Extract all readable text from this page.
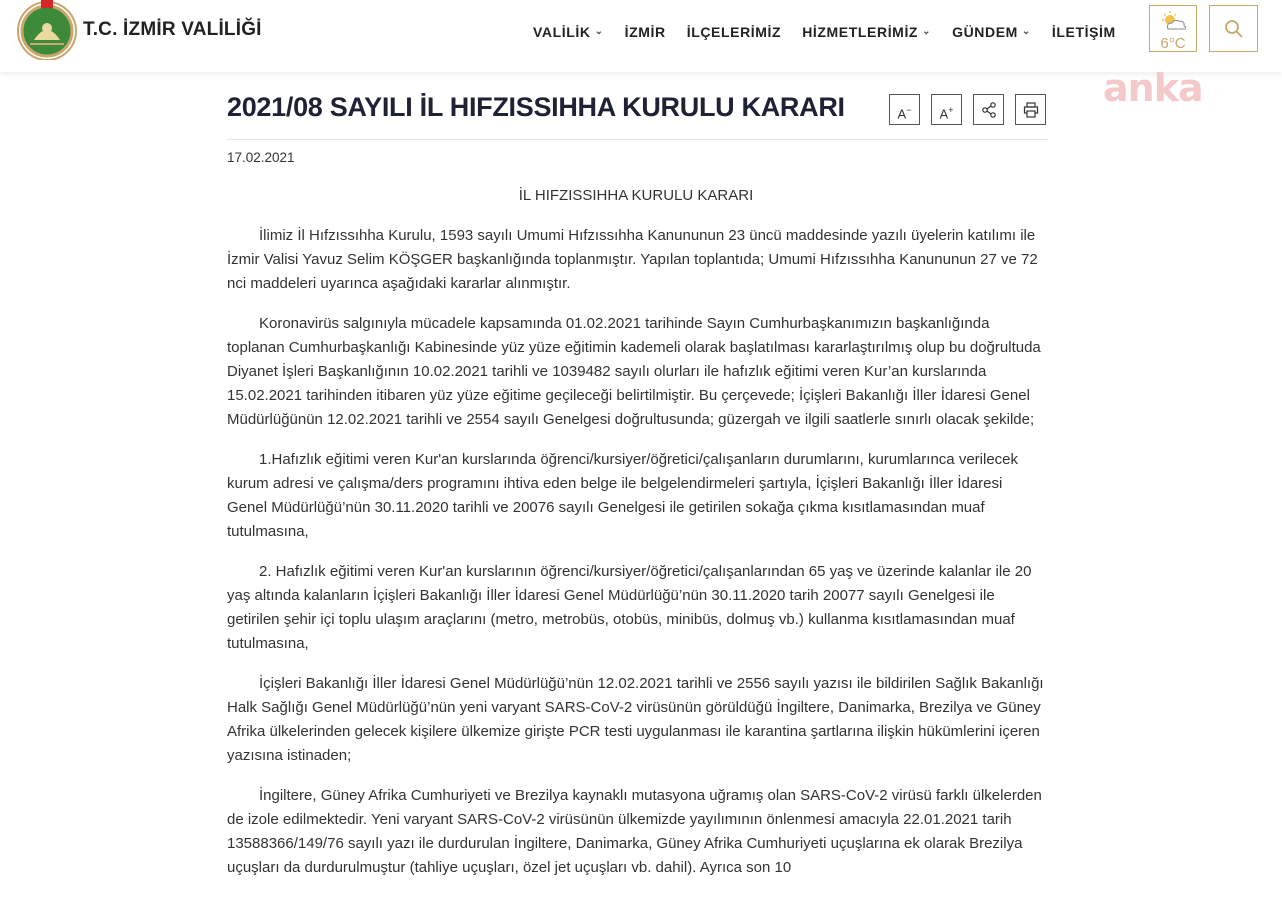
T.C. İZMİR VALİLİĞİ	VALİLİK ⌄ İZMİR İLÇELERİMİZ HİZMETLERİMİZ ⌄ GÜNDEM ⌄ İLETİŞİM
6°C
anka
2021/08 SAYILI İL HIFZISSIHHA KURULU KARARI	A−	A+
17.02.2021

İL HIFZISSIHHA KURULU KARARI

İlimiz İl Hıfzıssıhha Kurulu, 1593 sayılı Umumi Hıfzıssıhha Kanununun 23 üncü maddesinde yazılı üyelerin katılımı ile İzmir Valisi Yavuz Selim KÖŞGER başkanlığında toplanmıştır. Yapılan toplantıda; Umumi Hıfzıssıhha Kanununun 27 ve 72 nci maddeleri uyarınca aşağıdaki kararlar alınmıştır.

Koronavirüs salgınıyla mücadele kapsamında 01.02.2021 tarihinde Sayın Cumhurbaşkanımızın başkanlığında toplanan Cumhurbaşkanlığı Kabinesinde yüz yüze eğitimin kademeli olarak başlatılması kararlaştırılmış olup bu doğrultuda Diyanet İşleri Başkanlığının 10.02.2021 tarihli ve 1039482 sayılı olurları ile hafızlık eğitimi veren Kur’an kurslarında 15.02.2021 tarihinden itibaren yüz yüze eğitime geçileceği belirtilmiştir. Bu çerçevede; İçişleri Bakanlığı İller İdaresi Genel Müdürlüğünün 12.02.2021 tarihli ve 2554 sayılı Genelgesi doğrultusunda; güzergah ve ilgili saatlerle sınırlı olacak şekilde;

1.Hafızlık eğitimi veren Kur'an kurslarında öğrenci/kursiyer/öğretici/çalışanların durumlarını, kurumlarınca verilecek kurum adresi ve çalışma/ders programını ihtiva eden belge ile belgelendirmeleri şartıyla, İçişleri Bakanlığı İller İdaresi Genel Müdürlüğü’nün 30.11.2020 tarihli ve 20076 sayılı Genelgesi ile getirilen sokağa çıkma kısıtlamasından muaf tutulmasına,

2. Hafızlık eğitimi veren Kur'an kurslarının öğrenci/kursiyer/öğretici/çalışanlarından 65 yaş ve üzerinde kalanlar ile 20 yaş altında kalanların İçişleri Bakanlığı İller İdaresi Genel Müdürlüğü’nün 30.11.2020 tarih 20077 sayılı Genelgesi ile getirilen şehir içi toplu ulaşım araçlarını (metro, metrobüs, otobüs, minibüs, dolmuş vb.) kullanma kısıtlamasından muaf tutulmasına,

İçişleri Bakanlığı İller İdaresi Genel Müdürlüğü’nün 12.02.2021 tarihli ve 2556 sayılı yazısı ile bildirilen Sağlık Bakanlığı Halk Sağlığı Genel Müdürlüğü’nün yeni varyant SARS-CoV-2 virüsünün görüldüğü İngiltere, Danimarka, Brezilya ve Güney Afrika ülkelerinden gelecek kişilere ülkemize girişte PCR testi uygulanması ile karantina şartlarına ilişkin hükümlerini içeren yazısına istinaden;

İngiltere, Güney Afrika Cumhuriyeti ve Brezilya kaynaklı mutasyona uğramış olan SARS-CoV-2 virüsü farklı ülkelerden de izole edilmektedir. Yeni varyant SARS-CoV-2 virüsünün ülkemizde yayılımının önlenmesi amacıyla 22.01.2021 tarih 13588366/149/76 sayılı yazı ile durdurulan İngiltere, Danimarka, Güney Afrika Cumhuriyeti uçuşlarına ek olarak Brezilya uçuşları da durdurulmuştur (tahliye uçuşları, özel jet uçuşları vb. dahil). Ayrıca son 10
